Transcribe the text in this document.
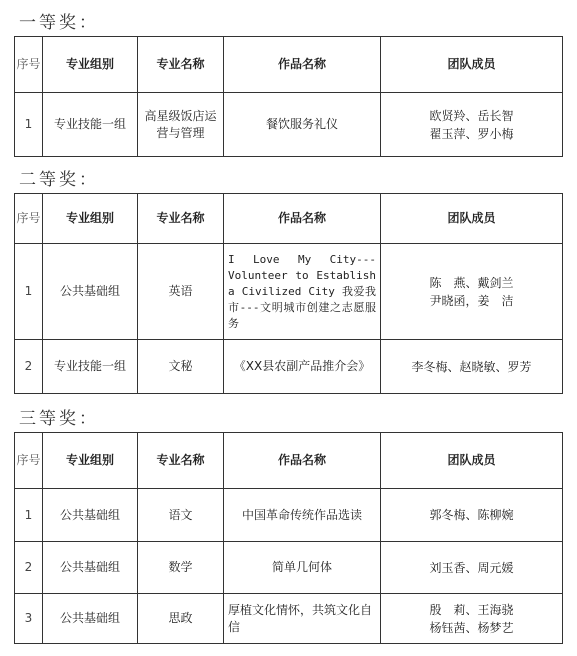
一等奖：
序号	专业组别	专业名称	作品名称	团队成员
1	专业技能一组	高星级饭店运营与管理	餐饮服务礼仪	欧贤羚、岳长智
翟玉萍、罗小梅
二等奖：
序号	专业组别	专业名称	作品名称	团队成员
1	公共基础组	英语	I Love My City---Volunteer to Establish a Civilized City 我爱我市---文明城市创建之志愿服务	陈　燕、戴剑兰
尹晓函，姜　洁

2	专业技能一组	文秘	《XX县农副产品推介会》	李冬梅、赵晓敏、罗芳
三等奖：
序号	专业组别	专业名称	作品名称	团队成员
1	公共基础组	语文	中国革命传统作品选读	郭冬梅、陈柳婉

2	公共基础组	数学	简单几何体	刘玉香、周元媛

3	公共基础组	思政	厚植文化情怀，共筑文化自信	殷　莉、王海骁
杨钰茜、杨梦艺
